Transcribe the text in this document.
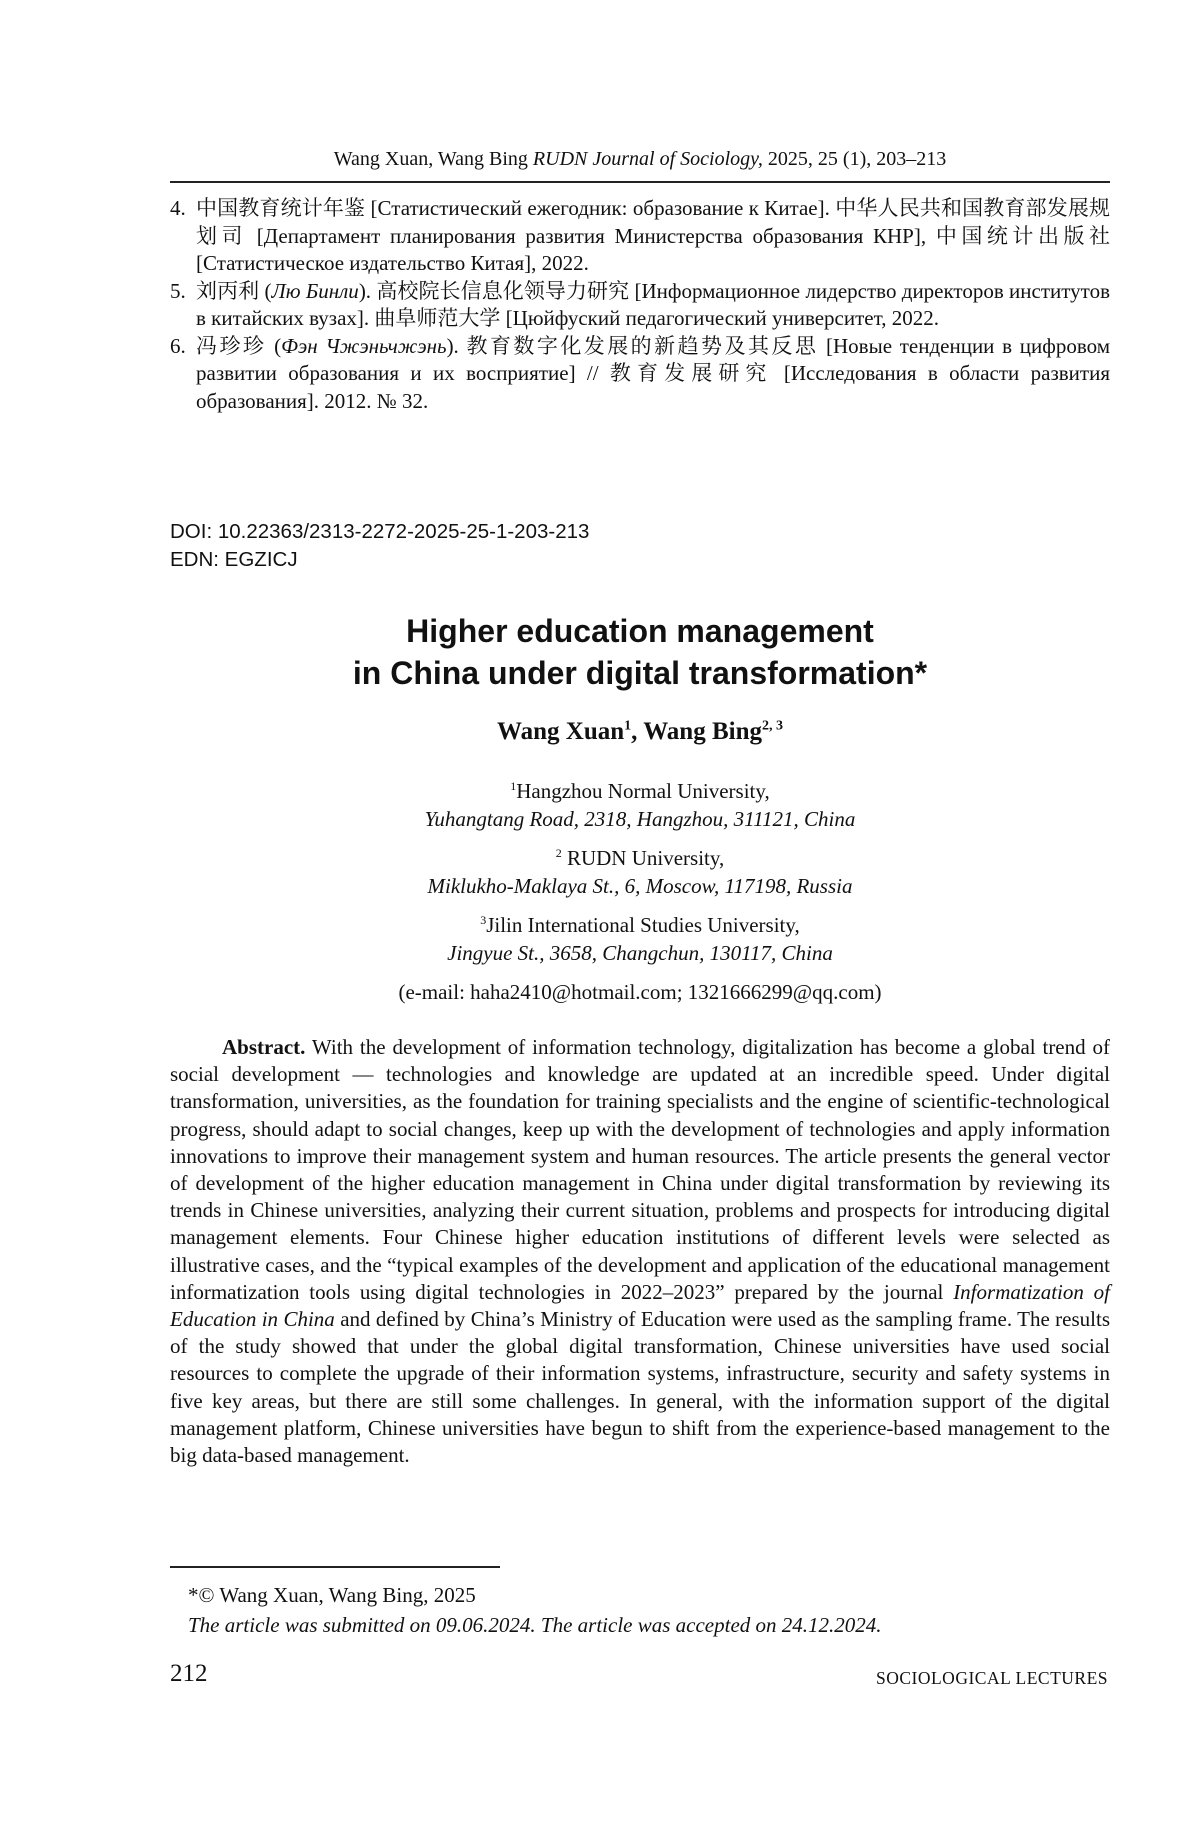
Wang Xuan, Wang Bing RUDN Journal of Sociology, 2025, 25 (1), 203–213
4. 中国教育统计年鉴 [Статистический ежегодник: образование к Китае]. 中华人民共和国教育部发展规划司 [Департамент планирования развития Министерства образования КНР], 中国统计出版社 [Статистическое издательство Китая], 2022.
5. 刘丙利 (Лю Бинли). 高校院长信息化领导力研究 [Информационное лидерство директоров институтов в китайских вузах]. 曲阜师范大学 [Цюйфуский педагогический университет, 2022.
6. 冯珍珍 (Фэн Чжэньчжэнь). 教育数字化发展的新趋势及其反思 [Новые тенденции в цифровом развитии образования и их восприятие] // 教育发展研究 [Исследования в области развития образования]. 2012. № 32.
DOI: 10.22363/2313-2272-2025-25-1-203-213
EDN: EGZICJ
Higher education management
in China under digital transformation*
Wang Xuan$^1$, Wang Bing$^{2, 3}$
$^1$Hangzhou Normal University,
Yuhangtang Road, 2318, Hangzhou, 311121, China
$^2$ RUDN University,
Miklukho-Maklaya St., 6, Moscow, 117198, Russia
$^3$Jilin International Studies University,
Jingyue St., 3658, Changchun, 130117, China
(e-mail: haha2410@hotmail.com; 1321666299@qq.com)
Abstract. With the development of information technology, digitalization has become a global trend of social development — technologies and knowledge are updated at an incredible speed. Under digital transformation, universities, as the foundation for training specialists and the engine of scientific-technological progress, should adapt to social changes, keep up with the development of technologies and apply information innovations to improve their management system and human resources. The article presents the general vector of development of the higher education management in China under digital transformation by reviewing its trends in Chinese universities, analyzing their current situation, problems and prospects for introducing digital management elements. Four Chinese higher education institutions of different levels were selected as illustrative cases, and the “typical examples of the development and application of the educational management informatization tools using digital technologies in 2022–2023” prepared by the journal Informatization of Education in China and defined by China’s Ministry of Education were used as the sampling frame. The results of the study showed that under the global digital transformation, Chinese universities have used social resources to complete the upgrade of their information systems, infrastructure, security and safety systems in five key areas, but there are still some challenges. In general, with the information support of the digital management platform, Chinese universities have begun to shift from the experience-based management to the big data-based management.
*© Wang Xuan, Wang Bing, 2025
The article was submitted on 09.06.2024. The article was accepted on 24.12.2024.
212	SOCIOLOGICAL LECTURES
